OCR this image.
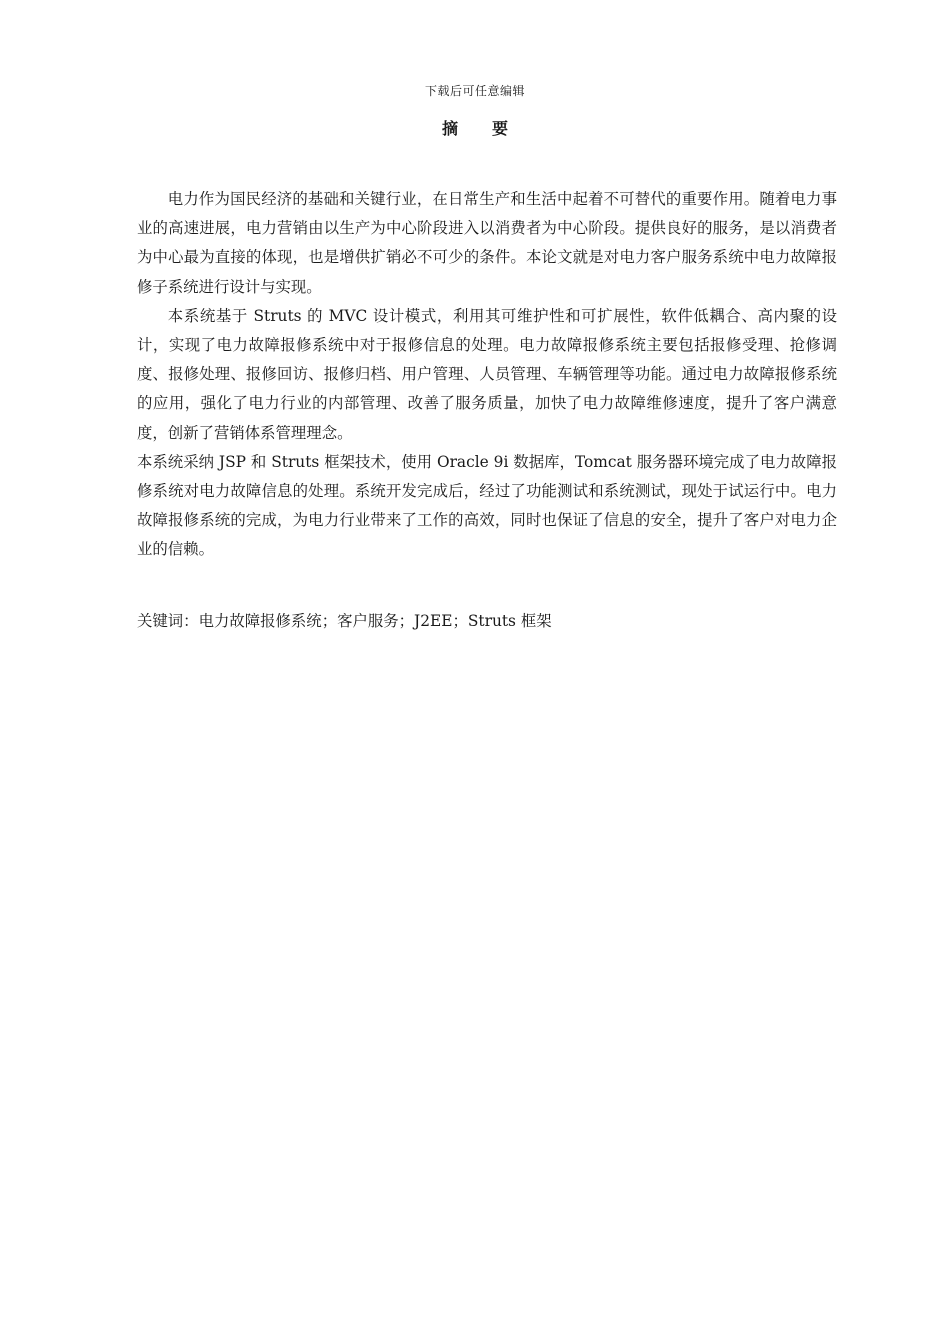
下载后可任意编辑
摘要

电力作为国民经济的基础和关键行业，在日常生产和生活中起着不可替代的重要作用。随着电力事业的高速进展，电力营销由以生产为中心阶段进入以消费者为中心阶段。提供良好的服务，是以消费者为中心最为直接的体现，也是增供扩销必不可少的条件。本论文就是对电力客户服务系统中电力故障报修子系统进行设计与实现。

本系统基于 Struts 的 MVC 设计模式，利用其可维护性和可扩展性，软件低耦合、高内聚的设计，实现了电力故障报修系统中对于报修信息的处理。电力故障报修系统主要包括报修受理、抢修调度、报修处理、报修回访、报修归档、用户管理、人员管理、车辆管理等功能。通过电力故障报修系统的应用，强化了电力行业的内部管理、改善了服务质量，加快了电力故障维修速度，提升了客户满意度，创新了营销体系管理理念。

本系统采纳 JSP 和 Struts 框架技术，使用 Oracle 9i 数据库，Tomcat 服务器环境完成了电力故障报修系统对电力故障信息的处理。系统开发完成后，经过了功能测试和系统测试，现处于试运行中。电力故障报修系统的完成，为电力行业带来了工作的高效，同时也保证了信息的安全，提升了客户对电力企业的信赖。

关键词：电力故障报修系统；客户服务；J2EE；Struts 框架
